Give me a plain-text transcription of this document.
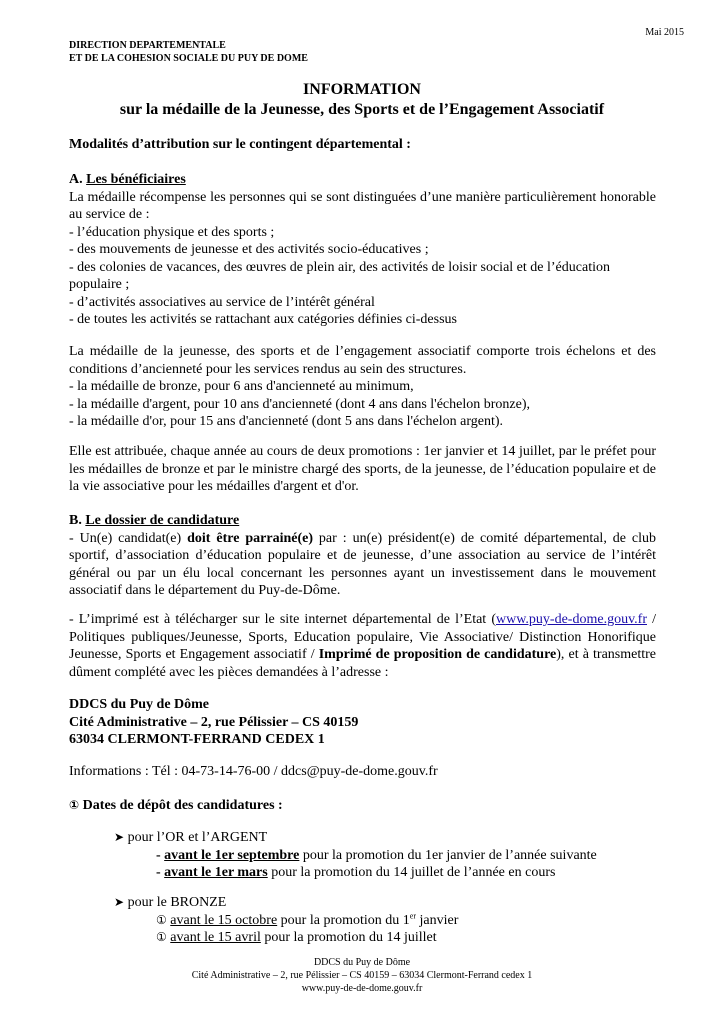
Mai 2015
DIRECTION DEPARTEMENTALE
ET DE LA COHESION SOCIALE DU PUY DE DOME
INFORMATION
sur la médaille de la Jeunesse, des Sports et de l’Engagement Associatif
Modalités d’attribution sur le contingent départemental :
A. Les bénéficiaires
La médaille récompense les personnes qui se sont distinguées d’une manière particulièrement honorable au service de :
- l’éducation physique et des sports ;
- des mouvements de jeunesse et des activités socio-éducatives ;
- des colonies de vacances, des œuvres de plein air, des activités de loisir social et de l’éducation populaire ;
- d’activités associatives au service de l’intérêt général
- de toutes les activités se rattachant aux catégories définies ci-dessus
La médaille de la jeunesse, des sports et de l’engagement associatif comporte trois échelons et des conditions d’ancienneté pour les services rendus au sein des structures.
- la médaille de bronze, pour 6 ans d'ancienneté au minimum,
- la médaille d'argent, pour 10 ans d'ancienneté (dont 4 ans dans l'échelon bronze),
- la médaille d'or, pour 15 ans d'ancienneté (dont 5 ans dans l'échelon argent).
Elle est attribuée, chaque année au cours de deux promotions : 1er janvier et 14 juillet, par le préfet pour les médailles de bronze et par le ministre chargé des sports, de la jeunesse, de l’éducation populaire et de la vie associative pour les médailles d'argent et d'or.
B. Le dossier de candidature
- Un(e) candidat(e) doit être parrainé(e) par : un(e) président(e) de comité départemental, de club sportif, d’association d’éducation populaire et de jeunesse, d’une association au service de l’intérêt général ou par un élu local concernant les personnes ayant un investissement dans le mouvement associatif dans le département du Puy-de-Dôme.
- L’imprimé est à télécharger sur le site internet départemental de l’Etat (www.puy-de-dome.gouv.fr / Politiques publiques/Jeunesse, Sports, Education populaire, Vie Associative/ Distinction Honorifique Jeunesse, Sports et Engagement associatif / Imprimé de proposition de candidature), et à transmettre dûment complété avec les pièces demandées à l’adresse :
DDCS du Puy de Dôme
Cité Administrative – 2, rue Pélissier – CS 40159
63034 CLERMONT-FERRAND CEDEX 1
Informations : Tél : 04-73-14-76-00 / ddcs@puy-de-dome.gouv.fr
① Dates de dépôt des candidatures :
➤ pour l’OR et l’ARGENT
- avant le 1er septembre pour la promotion du 1er janvier de l’année suivante
- avant le 1er mars pour la promotion du 14 juillet de l’année en cours
➤ pour le BRONZE
① avant le 15 octobre pour la promotion du 1er janvier
① avant le 15 avril pour la promotion du 14 juillet
DDCS du Puy de Dôme
Cité Administrative – 2, rue Pélissier – CS 40159 – 63034 Clermont-Ferrand cedex 1
www.puy-de-de-dome.gouv.fr
